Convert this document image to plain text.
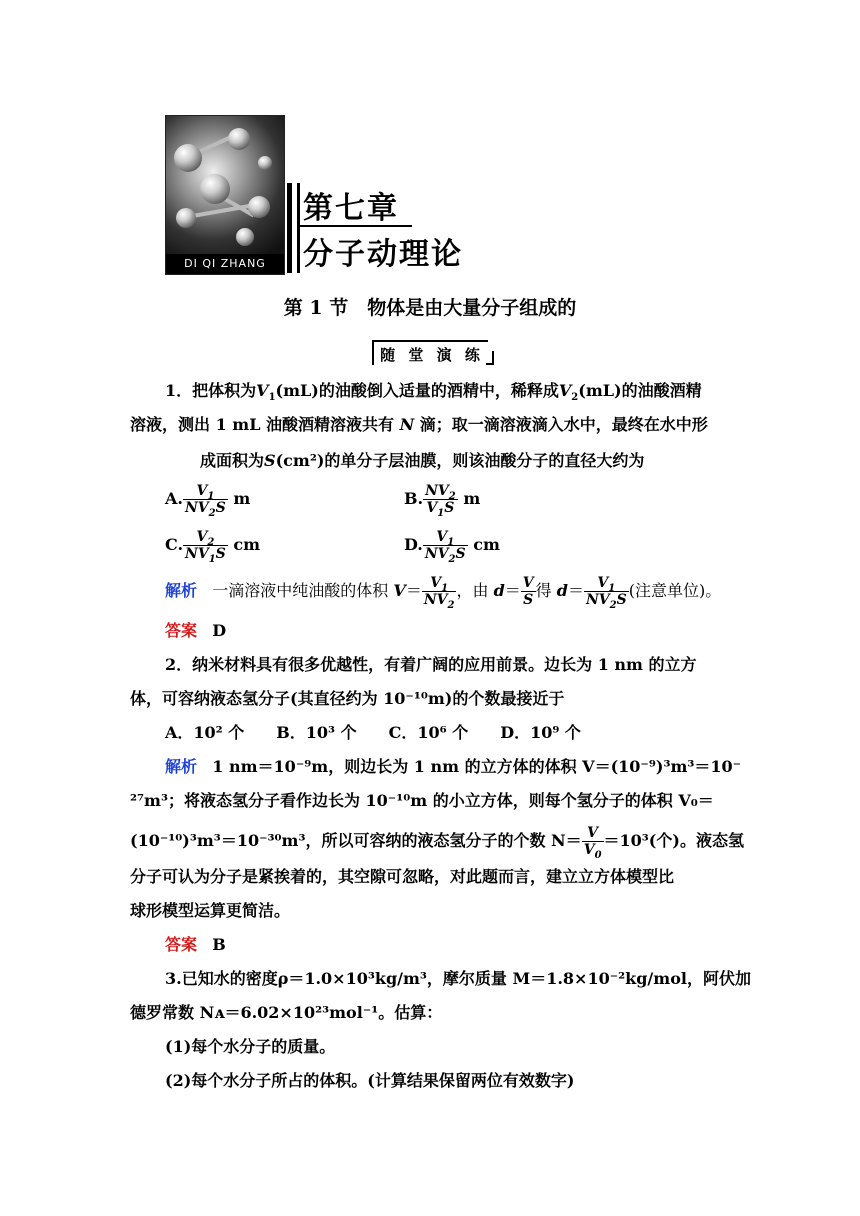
DI QI ZHANG
第七章
分子动理论
第 1 节　物体是由大量分子组成的
随 堂 演 练
1．把体积为$V_1(mL)$的油酸倒入适量的酒精中，稀释成$V_2(mL)$的油酸酒精
溶液，测出 1 mL 油酸酒精溶液共有 N 滴；取一滴溶液滴入水中，最终在水中形
成面积为S(cm²)的单分子层油膜，则该油酸分子的直径大约为
A. $\frac{V_1}{NV_2S}$ m	B. $\frac{NV_2}{V_1S}$ m
C. $\frac{V_2}{NV_1S}$ cm	D. $\frac{V_1}{NV_2S}$ cm
解析 一滴溶液中纯油酸的体积 $V= \frac{V_1}{NV_2}$ ，由 $d= \frac{V}{S}$ 得 $d= \frac{V_1}{NV_2S}$ (注意单位)。
答案 D
2．纳米材料具有很多优越性，有着广阔的应用前景。边长为 1 nm 的立方
体，可容纳液态氢分子(其直径约为 10⁻¹⁰m)的个数最接近于
A．10² 个　　B．10³ 个　　C．10⁶ 个　　D．10⁹ 个
解析 1 nm＝10⁻⁹m，则边长为 1 nm 的立方体的体积 V＝(10⁻⁹)³m³＝10⁻
²⁷m³；将液态氢分子看作边长为 10⁻¹⁰m 的小立方体，则每个氢分子的体积 V₀＝
(10⁻¹⁰)³m³＝10⁻³⁰m³，所以可容纳的液态氢分子的个数 $N= \frac{V}{V_0} =10^3$(个)。液态氢
分子可认为分子是紧挨着的，其空隙可忽略，对此题而言，建立立方体模型比
球形模型运算更简洁。
答案 B
3.已知水的密度ρ＝1.0×10³kg/m³，摩尔质量 M＝1.8×10⁻²kg/mol，阿伏加
德罗常数 Nᴀ＝6.02×10²³mol⁻¹。估算：
(1)每个水分子的质量。
(2)每个水分子所占的体积。(计算结果保留两位有效数字)
